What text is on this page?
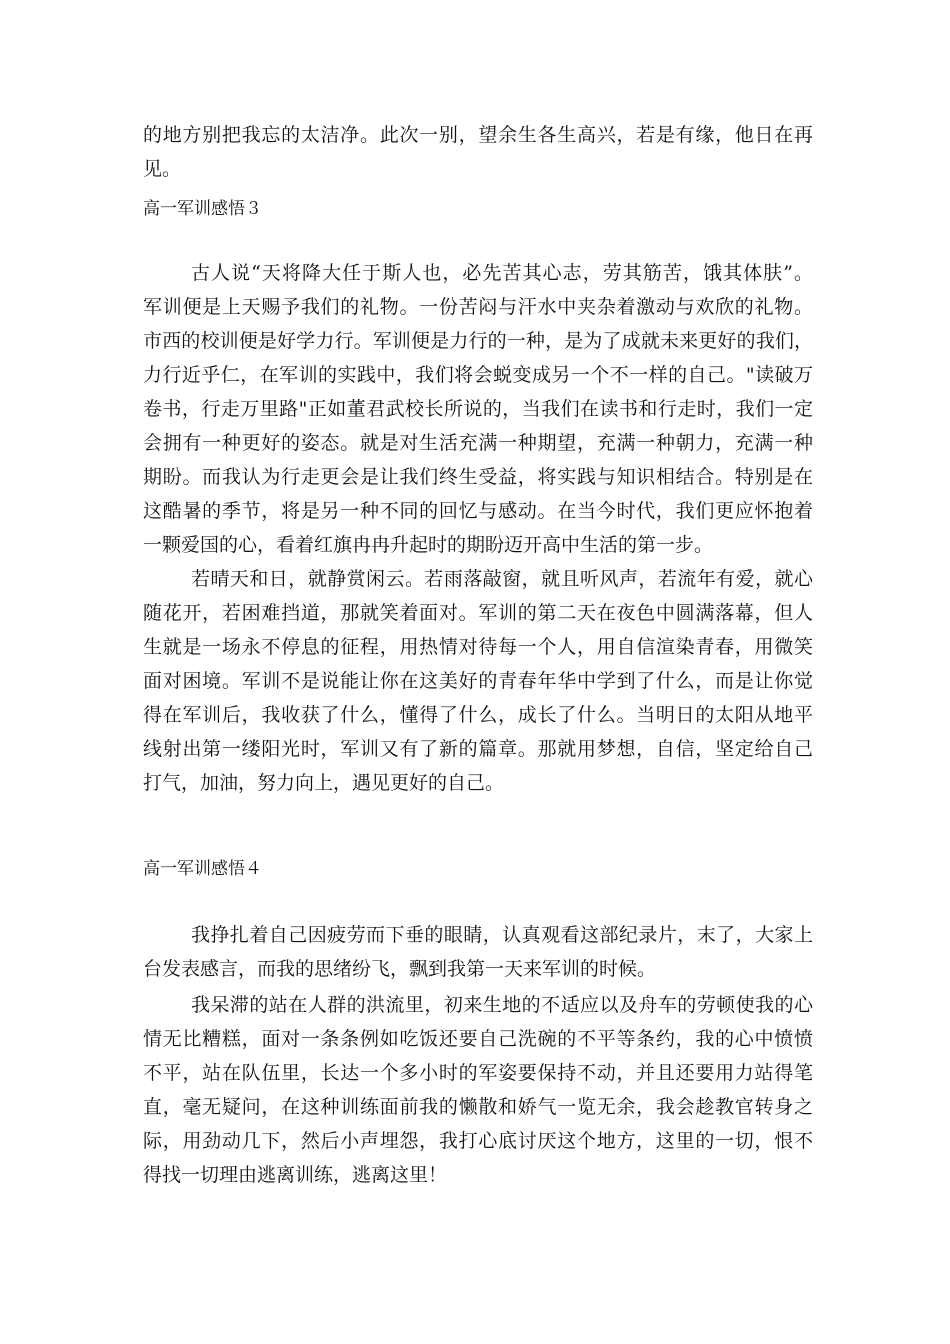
的地方别把我忘的太洁净。此次一别，望余生各生高兴，若是有缘，他日在再
见。
高一军训感悟３
古人说“天将降大任于斯人也，必先苦其心志，劳其筋苦，饿其体肤”。
军训便是上天赐予我们的礼物。一份苦闷与汗水中夹杂着激动与欢欣的礼物。
市西的校训便是好学力行。军训便是力行的一种，是为了成就未来更好的我们，
力行近乎仁，在军训的实践中，我们将会蜕变成另一个不一样的自己。"读破万
卷书，行走万里路"正如董君武校长所说的，当我们在读书和行走时，我们一定
会拥有一种更好的姿态。就是对生活充满一种期望，充满一种朝力，充满一种
期盼。而我认为行走更会是让我们终生受益，将实践与知识相结合。特别是在
这酷暑的季节，将是另一种不同的回忆与感动。在当今时代，我们更应怀抱着
一颗爱国的心，看着红旗冉冉升起时的期盼迈开高中生活的第一步。
若晴天和日，就静赏闲云。若雨落敲窗，就且听风声，若流年有爱，就心
随花开，若困难挡道，那就笑着面对。军训的第二天在夜色中圆满落幕，但人
生就是一场永不停息的征程，用热情对待每一个人，用自信渲染青春，用微笑
面对困境。军训不是说能让你在这美好的青春年华中学到了什么，而是让你觉
得在军训后，我收获了什么，懂得了什么，成长了什么。当明日的太阳从地平
线射出第一缕阳光时，军训又有了新的篇章。那就用梦想，自信，坚定给自己
打气，加油，努力向上，遇见更好的自己。
高一军训感悟４
我挣扎着自己因疲劳而下垂的眼睛，认真观看这部纪录片，末了，大家上
台发表感言，而我的思绪纷飞，飘到我第一天来军训的时候。
我呆滞的站在人群的洪流里，初来生地的不适应以及舟车的劳顿使我的心
情无比糟糕，面对一条条例如吃饭还要自己洗碗的不平等条约，我的心中愤愤
不平，站在队伍里，长达一个多小时的军姿要保持不动，并且还要用力站得笔
直，毫无疑问，在这种训练面前我的懒散和娇气一览无余，我会趁教官转身之
际，用劲动几下，然后小声埋怨，我打心底讨厌这个地方，这里的一切，恨不
得找一切理由逃离训练，逃离这里！
